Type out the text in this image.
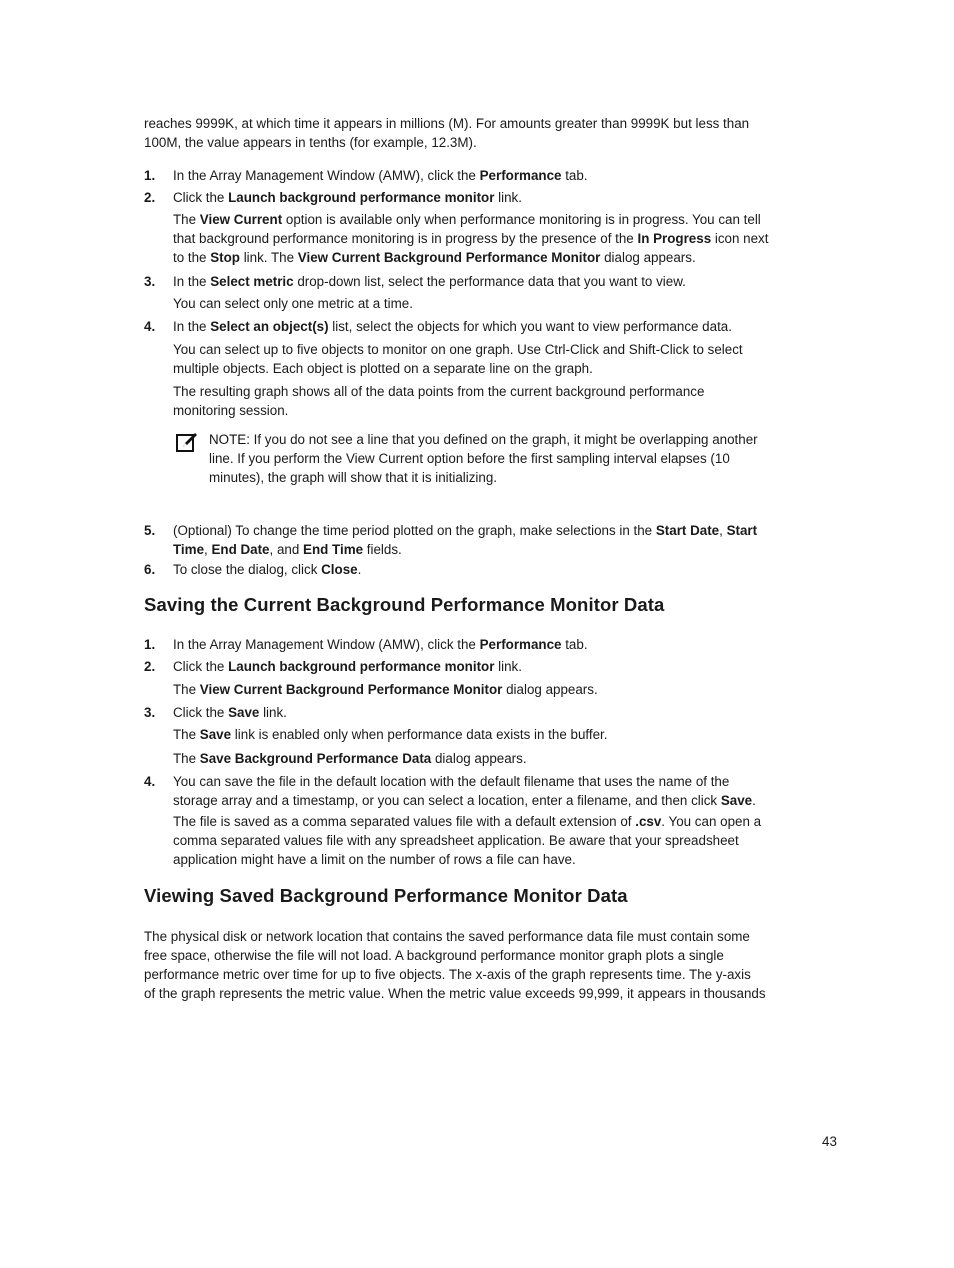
reaches 9999K, at which time it appears in millions (M). For amounts greater than 9999K but less than
100M, the value appears in tenths (for example, 12.3M).

1. In the Array Management Window (AMW), click the Performance tab.
2. Click the Launch background performance monitor link.

The View Current option is available only when performance monitoring is in progress. You can tell
that background performance monitoring is in progress by the presence of the In Progress icon next
to the Stop link. The View Current Background Performance Monitor dialog appears.

3. In the Select metric drop-down list, select the performance data that you want to view.

You can select only one metric at a time.

4. In the Select an object(s) list, select the objects for which you want to view performance data.

You can select up to five objects to monitor on one graph. Use Ctrl-Click and Shift-Click to select
multiple objects. Each object is plotted on a separate line on the graph.

The resulting graph shows all of the data points from the current background performance
monitoring session.

NOTE: If you do not see a line that you defined on the graph, it might be overlapping another
line. If you perform the View Current option before the first sampling interval elapses (10
minutes), the graph will show that it is initializing.
5. (Optional) To change the time period plotted on the graph, make selections in the Start Date, Start
Time, End Date, and End Time fields.
6. To close the dialog, click Close.
Saving the Current Background Performance Monitor Data
1. In the Array Management Window (AMW), click the Performance tab.
2. Click the Launch background performance monitor link.

The View Current Background Performance Monitor dialog appears.

3. Click the Save link.

The Save link is enabled only when performance data exists in the buffer.

The Save Background Performance Data dialog appears.

4. You can save the file in the default location with the default filename that uses the name of the
storage array and a timestamp, or you can select a location, enter a filename, and then click Save.

The file is saved as a comma separated values file with a default extension of .csv. You can open a
comma separated values file with any spreadsheet application. Be aware that your spreadsheet
application might have a limit on the number of rows a file can have.

Viewing Saved Background Performance Monitor Data

The physical disk or network location that contains the saved performance data file must contain some
free space, otherwise the file will not load. A background performance monitor graph plots a single
performance metric over time for up to five objects. The x-axis of the graph represents time. The y-axis
of the graph represents the metric value. When the metric value exceeds 99,999, it appears in thousands

43
